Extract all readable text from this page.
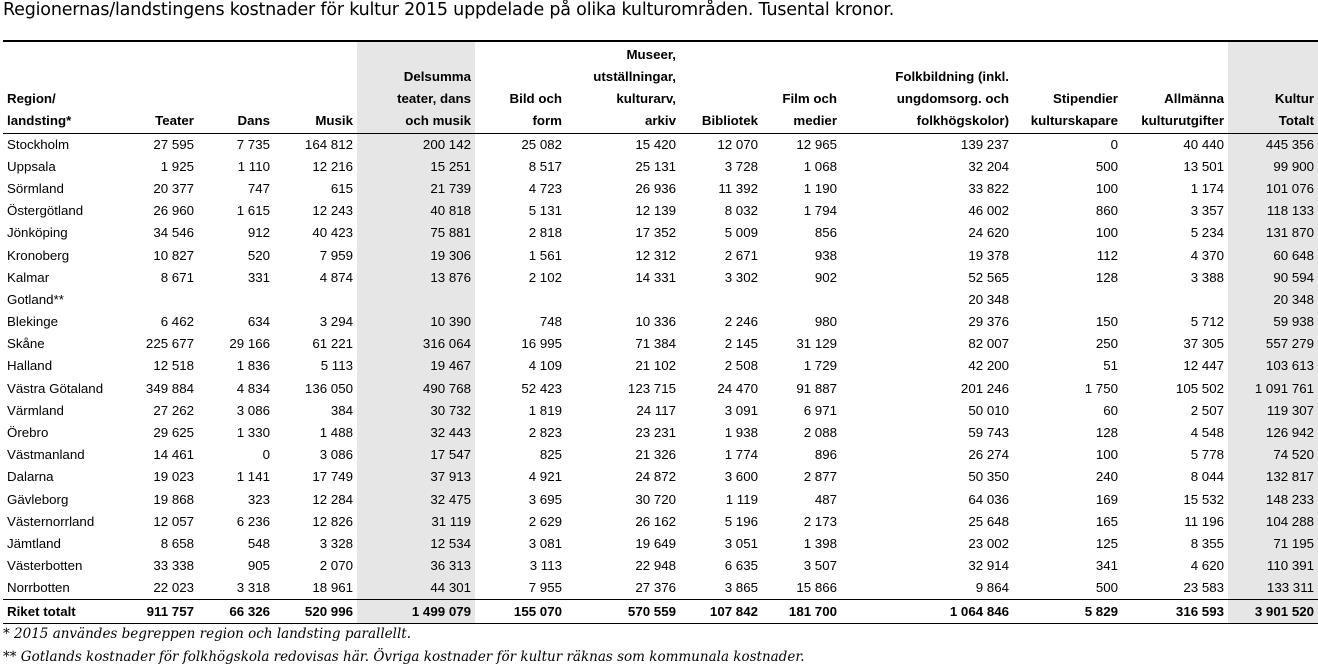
Regionernas/landstingens kostnader för kultur 2015 uppdelade på olika kulturområden. Tusental kronor.
Region/
landsting*	Teater	Dans	Musik	Delsumma
teater, dans
och musik	Bild och
form	Museer,
utställningar,
kulturarv,
arkiv	Bibliotek	Film och
medier	Folkbildning (inkl.
ungdomsorg. och
folkhögskolor)	Stipendier
kulturskapare	Allmänna
kulturutgifter	Kultur
Totalt
Stockholm	27 595	7 735	164 812	200 142	25 082	15 420	12 070	12 965	139 237	0	40 440	445 356
Uppsala	1 925	1 110	12 216	15 251	8 517	25 131	3 728	1 068	32 204	500	13 501	99 900
Sörmland	20 377	747	615	21 739	4 723	26 936	11 392	1 190	33 822	100	1 174	101 076
Östergötland	26 960	1 615	12 243	40 818	5 131	12 139	8 032	1 794	46 002	860	3 357	118 133
Jönköping	34 546	912	40 423	75 881	2 818	17 352	5 009	856	24 620	100	5 234	131 870
Kronoberg	10 827	520	7 959	19 306	1 561	12 312	2 671	938	19 378	112	4 370	60 648
Kalmar	8 671	331	4 874	13 876	2 102	14 331	3 302	902	52 565	128	3 388	90 594
Gotland**									20 348			20 348
Blekinge	6 462	634	3 294	10 390	748	10 336	2 246	980	29 376	150	5 712	59 938
Skåne	225 677	29 166	61 221	316 064	16 995	71 384	2 145	31 129	82 007	250	37 305	557 279
Halland	12 518	1 836	5 113	19 467	4 109	21 102	2 508	1 729	42 200	51	12 447	103 613
Västra Götaland	349 884	4 834	136 050	490 768	52 423	123 715	24 470	91 887	201 246	1 750	105 502	1 091 761
Värmland	27 262	3 086	384	30 732	1 819	24 117	3 091	6 971	50 010	60	2 507	119 307
Örebro	29 625	1 330	1 488	32 443	2 823	23 231	1 938	2 088	59 743	128	4 548	126 942
Västmanland	14 461	0	3 086	17 547	825	21 326	1 774	896	26 274	100	5 778	74 520
Dalarna	19 023	1 141	17 749	37 913	4 921	24 872	3 600	2 877	50 350	240	8 044	132 817
Gävleborg	19 868	323	12 284	32 475	3 695	30 720	1 119	487	64 036	169	15 532	148 233
Västernorrland	12 057	6 236	12 826	31 119	2 629	26 162	5 196	2 173	25 648	165	11 196	104 288
Jämtland	8 658	548	3 328	12 534	3 081	19 649	3 051	1 398	23 002	125	8 355	71 195
Västerbotten	33 338	905	2 070	36 313	3 113	22 948	6 635	3 507	32 914	341	4 620	110 391
Norrbotten	22 023	3 318	18 961	44 301	7 955	27 376	3 865	15 866	9 864	500	23 583	133 311
Riket totalt	911 757	66 326	520 996	1 499 079	155 070	570 559	107 842	181 700	1 064 846	5 829	316 593	3 901 520
* 2015 användes begreppen region och landsting parallellt.
** Gotlands kostnader för folkhögskola redovisas här. Övriga kostnader för kultur räknas som kommunala kostnader.
